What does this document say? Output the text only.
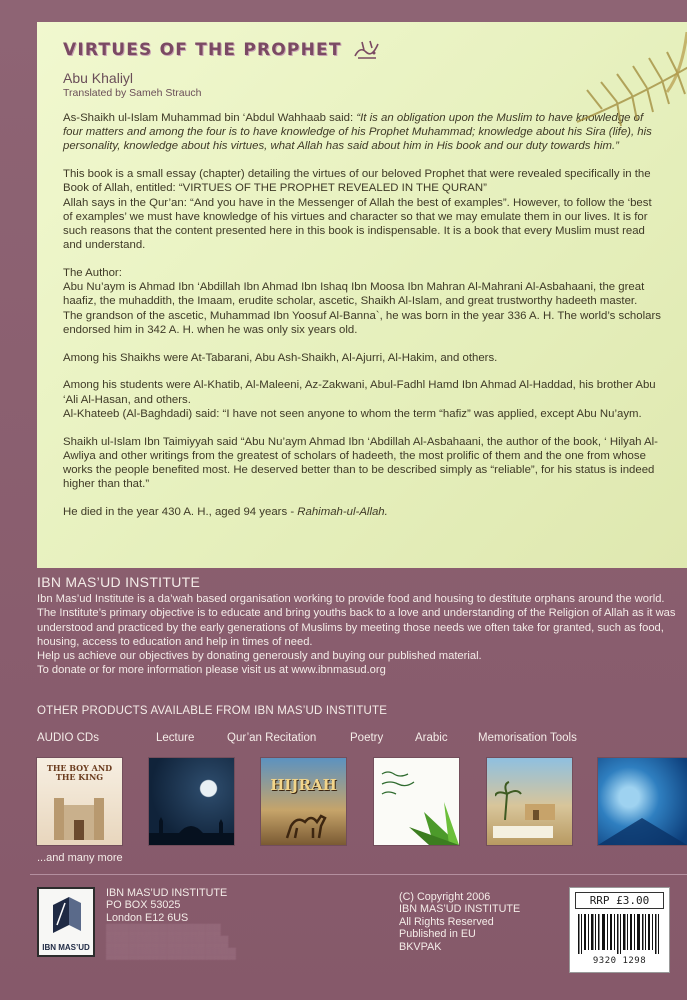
VIRTUES OF THE PROPHET
Abu Khaliyl
Translated by Sameh Strauch

As-Shaikh ul-Islam Muhammad bin ‘Abdul Wahhaab said: “It is an obligation upon the Muslim to have knowledge of four matters and among the four is to have knowledge of his Prophet Muhammad; knowledge about his Sira (life), his personality, knowledge about his virtues, what Allah has said about him in His book and our duty towards him.”

This book is a small essay (chapter) detailing the virtues of our beloved Prophet that were revealed specifically in the Book of Allah, entitled: “VIRTUES OF THE PROPHET REVEALED IN THE QURAN”

Allah says in the Qur’an: “And you have in the Messenger of Allah the best of examples”. However, to follow the ‘best of examples’ we must have knowledge of his virtues and character so that we may emulate them in our lives. It is for such reasons that the content presented here in this book is indispensable. It is a book that every Muslim must read and understand.

The Author:

Abu Nu’aym is Ahmad Ibn ‘Abdillah Ibn Ahmad Ibn Ishaq Ibn Moosa Ibn Mahran Al-Mahrani Al-Asbahaani, the great haafiz, the muhaddith, the Imaam, erudite scholar, ascetic, Shaikh Al-Islam, and great trustworthy hadeeth master.

The grandson of the ascetic, Muhammad Ibn Yoosuf Al-Banna`, he was born in the year 336 A. H. The world’s scholars endorsed him in 342 A. H. when he was only six years old.

Among his Shaikhs were At-Tabarani, Abu Ash-Shaikh, Al-Ajurri, Al-Hakim, and others.

Among his students were Al-Khatib, Al-Maleeni, Az-Zakwani, Abul-Fadhl Hamd Ibn Ahmad Al-Haddad, his brother Abu ‘Ali Al-Hasan, and others.

Al-Khateeb (Al-Baghdadi) said: “I have not seen anyone to whom the term “hafiz” was applied, except Abu Nu’aym.

Shaikh ul-Islam Ibn Taimiyyah said “Abu Nu’aym Ahmad Ibn ‘Abdillah Al-Asbahaani, the author of the book, ‘ Hilyah Al-Awliya and other writings from the greatest of scholars of hadeeth, the most prolific of them and the one from whose works the people benefited most. He deserved better than to be described simply as “reliable”, for his status is indeed higher than that.”

He died in the year 430 A. H., aged 94 years - Rahimah-ul-Allah.

IBN MAS’UD INSTITUTE
Ibn Mas’ud Institute is a da’wah based organisation working to provide food and housing to destitute orphans around the world.
The Institute’s primary objective is to educate and bring youths back to a love and understanding of the Religion of Allah as it was understood and practiced by the early generations of Muslims by meeting those needs we often take for granted, such as food, housing, access to education and help in times of need.
Help us achieve our objectives by donating generously and buying our published material.
To donate or for more information please visit us at www.ibnmasud.org
OTHER PRODUCTS AVAILABLE FROM IBN MAS’UD INSTITUTE
AUDIO CDs	Lecture	Qur’an Recitation	Poetry	Arabic	Memorisation Tools
THE BOY AND THE KING	HIJRAH
...and many more
IBN MAS’UD
IBN MAS’UD INSTITUTE
PO BOX 53025
London E12 6US
▒▒▒▒▒▒▒▒▒▒▒▒▒▒▒
▒▒▒▒▒▒▒▒▒▒▒▒▒▒▒▒
▒▒▒▒▒▒▒▒▒▒▒▒▒▒▒▒▒
(C) Copyright 2006
IBN MAS’UD INSTITUTE
All Rights Reserved
Published in EU
BKVPAK
RRP £3.00
9320 1298
